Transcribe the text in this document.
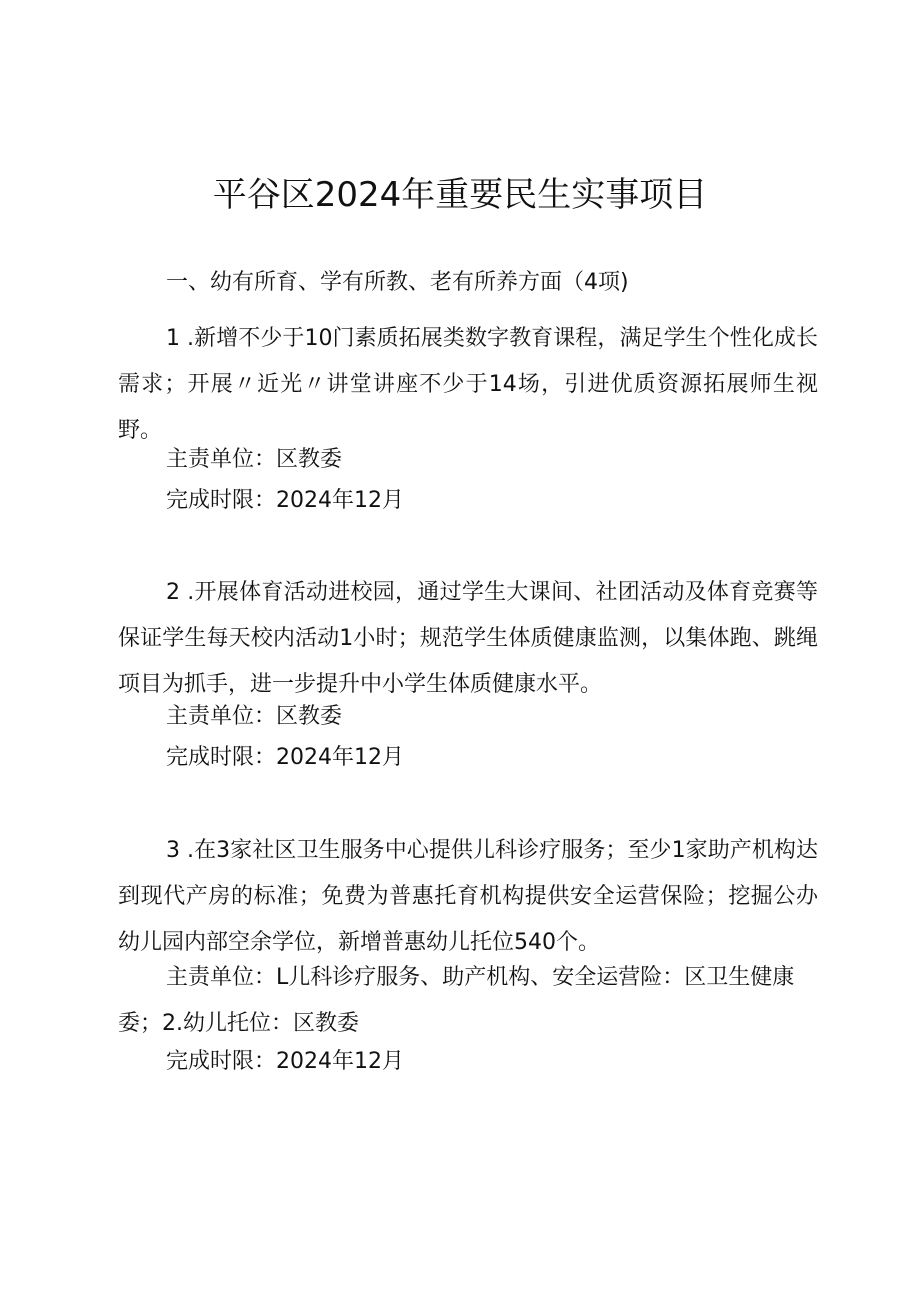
平谷区2024年重要民生实事项目

一、幼有所育、学有所教、老有所养方面（4项)

1 .新增不少于10门素质拓展类数字教育课程，满足学生个性化成长需求；开展〃近光〃讲堂讲座不少于14场，引进优质资源拓展师生视野。

主责单位：区教委

完成时限：2024年12月

2 .开展体育活动进校园，通过学生大课间、社团活动及体育竞赛等保证学生每天校内活动1小时；规范学生体质健康监测，以集体跑、跳绳项目为抓手，进一步提升中小学生体质健康水平。

主责单位：区教委

完成时限：2024年12月

3 .在3家社区卫生服务中心提供儿科诊疗服务；至少1家助产机构达到现代产房的标准；免费为普惠托育机构提供安全运营保险；挖掘公办幼儿园内部空余学位，新增普惠幼儿托位540个。

主责单位：L儿科诊疗服务、助产机构、安全运营险：区卫生健康委；2.幼儿托位：区教委

完成时限：2024年12月
